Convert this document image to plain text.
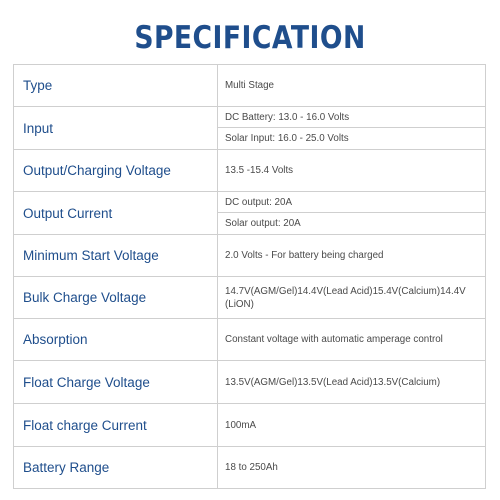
SPECIFICATION
Type	Multi Stage
Input	DC Battery: 13.0 - 16.0 Volts
	Solar Input: 16.0 - 25.0 Volts
Output/Charging Voltage	13.5 -15.4 Volts
Output Current	DC output: 20A
	Solar output: 20A
Minimum Start Voltage	2.0 Volts - For battery being charged
Bulk Charge Voltage	14.7V(AGM/Gel)14.4V(Lead Acid)15.4V(Calcium)14.4V (LiON)
Absorption	Constant voltage with automatic amperage control
Float Charge Voltage	13.5V(AGM/Gel)13.5V(Lead Acid)13.5V(Calcium)
Float charge Current	100mA
Battery Range	18 to 250Ah
